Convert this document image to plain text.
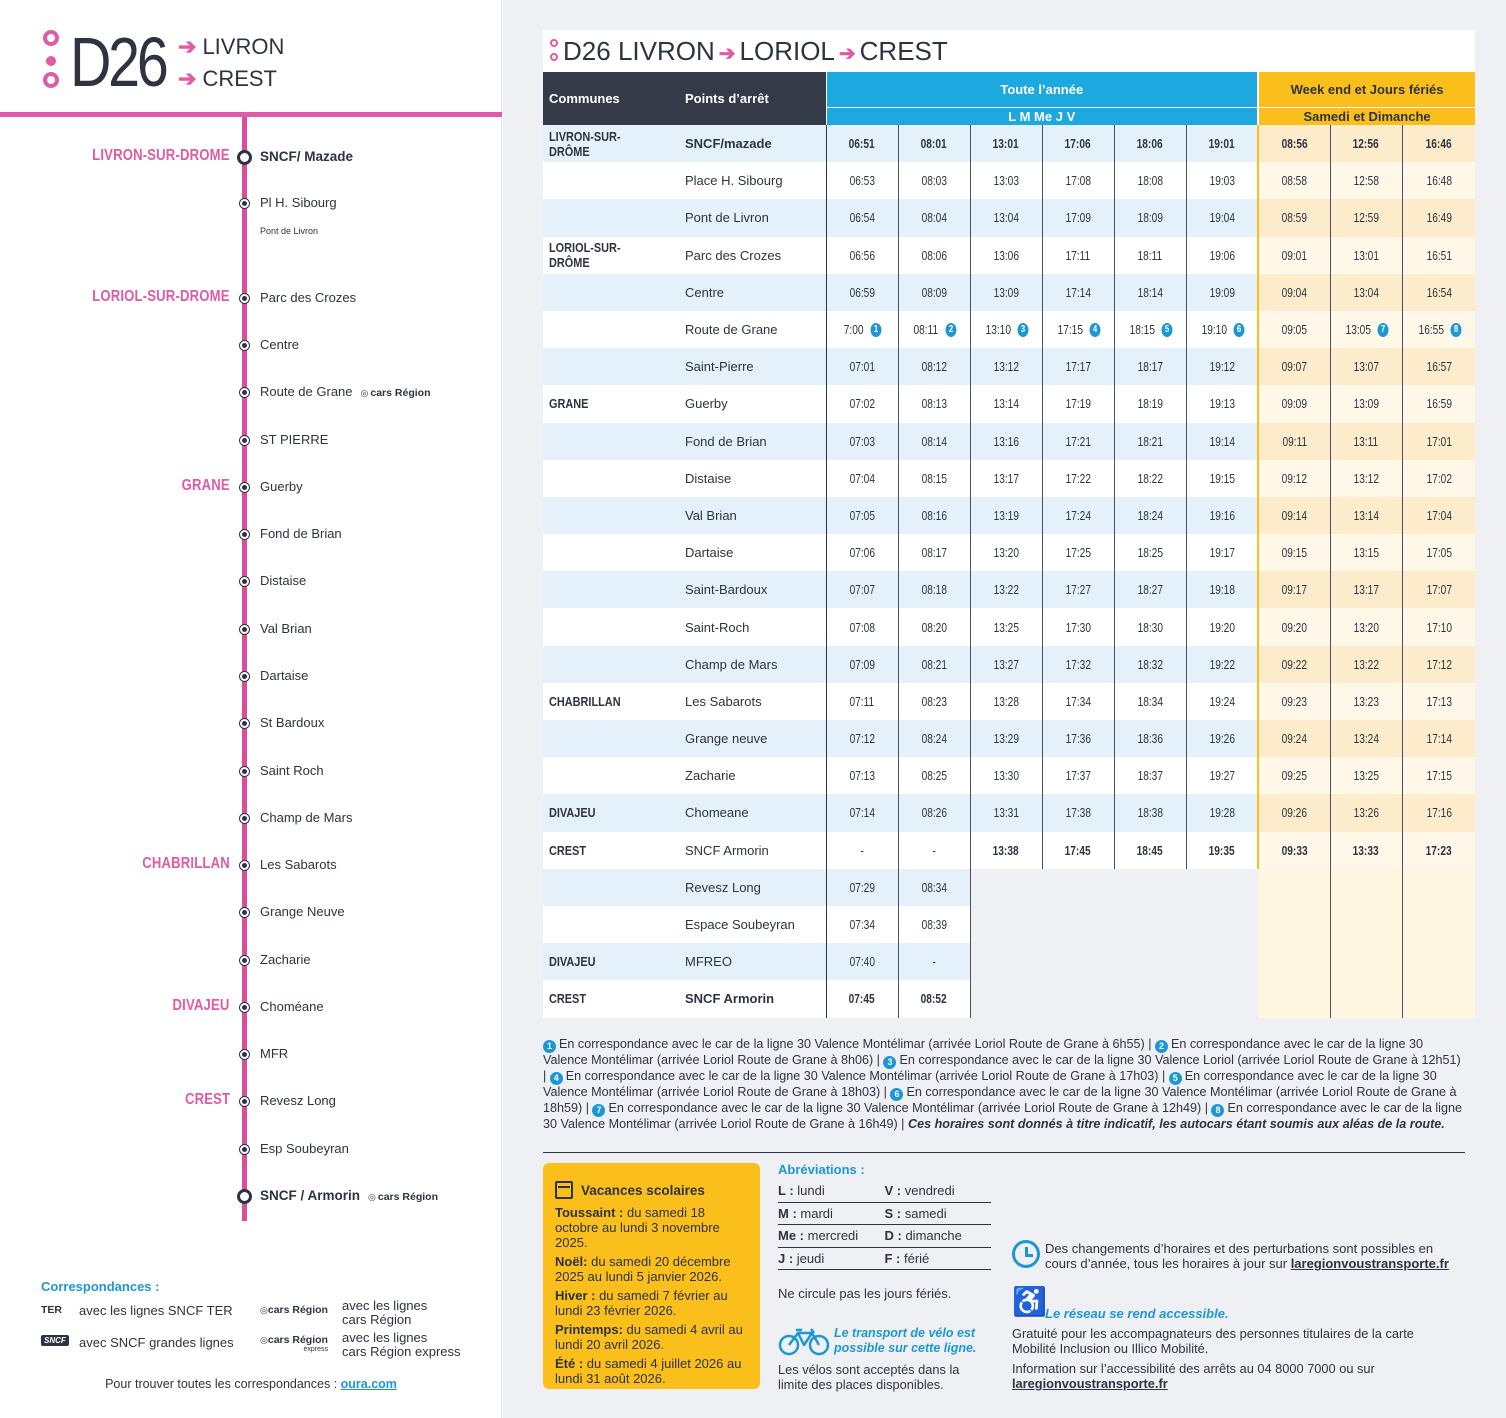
D26 ➔ LIVRON
➔ CREST
LIVRON-SUR-DROME SNCF/ Mazade
Pl H. Sibourg
Pont de Livron
LORIOL-SUR-DROME Parc des Crozes
Centre
Route de Grane ◎ cars Région
ST PIERRE
GRANE Guerby
Fond de Brian
Distaise
Val Brian
Dartaise
St Bardoux
Saint Roch
Champ de Mars
CHABRILLAN Les Sabarots
Grange Neuve
Zacharie
DIVAJEU Choméane
MFR
CREST Revesz Long
Esp Soubeyran
SNCF / Armorin ◎ cars Région
Correspondances :
TER avec les lignes SNCF TER
SNCF avec SNCF grandes lignes
◎cars Région avec les lignes
cars Région
◎cars Région
express
avec les lignes
cars Région express
Pour trouver toutes les correspondances : oura.com
D26 LIVRON ➔ LORIOL ➔ CREST
Communes	Points d’arrêt	Toute l’année						Week end et Jours fériés		
		L M Me J V						Samedi et Dimanche		
LIVRON-SUR-DRÔME	SNCF/mazade	06:51	08:01	13:01	17:06	18:06	19:01	08:56	12:56	16:46
	Place H. Sibourg	06:53	08:03	13:03	17:08	18:08	19:03	08:58	12:58	16:48
	Pont de Livron	06:54	08:04	13:04	17:09	18:09	19:04	08:59	12:59	16:49
LORIOL-SUR-DRÔME	Parc des Crozes	06:56	08:06	13:06	17:11	18:11	19:06	09:01	13:01	16:51
	Centre	06:59	08:09	13:09	17:14	18:14	19:09	09:04	13:04	16:54
	Route de Grane	7:00 1	08:11 2	13:10 3	17:15 4	18:15 5	19:10 6	09:05	13:05 7	16:55 8
	Saint-Pierre	07:01	08:12	13:12	17:17	18:17	19:12	09:07	13:07	16:57
GRANE	Guerby	07:02	08:13	13:14	17:19	18:19	19:13	09:09	13:09	16:59
	Fond de Brian	07:03	08:14	13:16	17:21	18:21	19:14	09:11	13:11	17:01
	Distaise	07:04	08:15	13:17	17:22	18:22	19:15	09:12	13:12	17:02
	Val Brian	07:05	08:16	13:19	17:24	18:24	19:16	09:14	13:14	17:04
	Dartaise	07:06	08:17	13:20	17:25	18:25	19:17	09:15	13:15	17:05
	Saint-Bardoux	07:07	08:18	13:22	17:27	18:27	19:18	09:17	13:17	17:07
	Saint-Roch	07:08	08:20	13:25	17:30	18:30	19:20	09:20	13:20	17:10
	Champ de Mars	07:09	08:21	13:27	17:32	18:32	19:22	09:22	13:22	17:12
CHABRILLAN	Les Sabarots	07:11	08:23	13:28	17:34	18:34	19:24	09:23	13:23	17:13
	Grange neuve	07:12	08:24	13:29	17:36	18:36	19:26	09:24	13:24	17:14
	Zacharie	07:13	08:25	13:30	17:37	18:37	19:27	09:25	13:25	17:15
DIVAJEU	Chomeane	07:14	08:26	13:31	17:38	18:38	19:28	09:26	13:26	17:16
CREST	SNCF Armorin	-	-	13:38	17:45	18:45	19:35	09:33	13:33	17:23
	Revesz Long	07:29	08:34							
	Espace Soubeyran	07:34	08:39							
DIVAJEU	MFREO	07:40	-							
CREST	SNCF Armorin	07:45	08:52							
1 En correspondance avec le car de la ligne 30 Valence Montélimar (arrivée Loriol Route de Grane à 6h55) | 2 En correspondance avec le car de la ligne 30 Valence Montélimar (arrivée Loriol Route de Grane à 8h06) | 3 En correspondance avec le car de la ligne 30 Valence Loriol (arrivée Loriol Route de Grane à 12h51) | 4 En correspondance avec le car de la ligne 30 Valence Montélimar (arrivée Loriol Route de Grane à 17h03) | 5 En correspondance avec le car de la ligne 30 Valence Montélimar (arrivée Loriol Route de Grane à 18h03) | 6 En correspondance avec le car de la ligne 30 Valence Montélimar (arrivée Loriol Route de Grane à 18h59) | 7 En correspondance avec le car de la ligne 30 Valence Montélimar (arrivée Loriol Route de Grane à 12h49) | 8 En correspondance avec le car de la ligne 30 Valence Montélimar (arrivée Loriol Route de Grane à 16h49) | Ces horaires sont donnés à titre indicatif, les autocars étant soumis aux aléas de la route.
Vacances scolaires

Toussaint : du samedi 18 octobre au lundi 3 novembre 2025.

Noël: du samedi 20 décembre 2025 au lundi 5 janvier 2026.

Hiver : du samedi 7 février au lundi 23 février 2026.

Printemps: du samedi 4 avril au lundi 20 avril 2026.

Été : du samedi 4 juillet 2026 au lundi 31 août 2026.

Abréviations :
L : lundi	V : vendredi
M : mardi	S : samedi
Me : mercredi	D : dimanche
J : jeudi	F : férié
Ne circule pas les jours fériés.
Le transport de vélo est
possible sur cette ligne.
Les vélos sont acceptés dans la
limite des places disponibles.
Des changements d’horaires et des perturbations sont possibles en cours d’année, tous les horaires à jour sur laregionvoustransporte.fr
♿
Le réseau se rend accessible.
Gratuité pour les accompagnateurs des personnes titulaires de la carte Mobilité Inclusion ou Illico Mobilité.
Information sur l’accessibilité des arrêts au 04 8000 7000 ou sur laregionvoustransporte.fr
